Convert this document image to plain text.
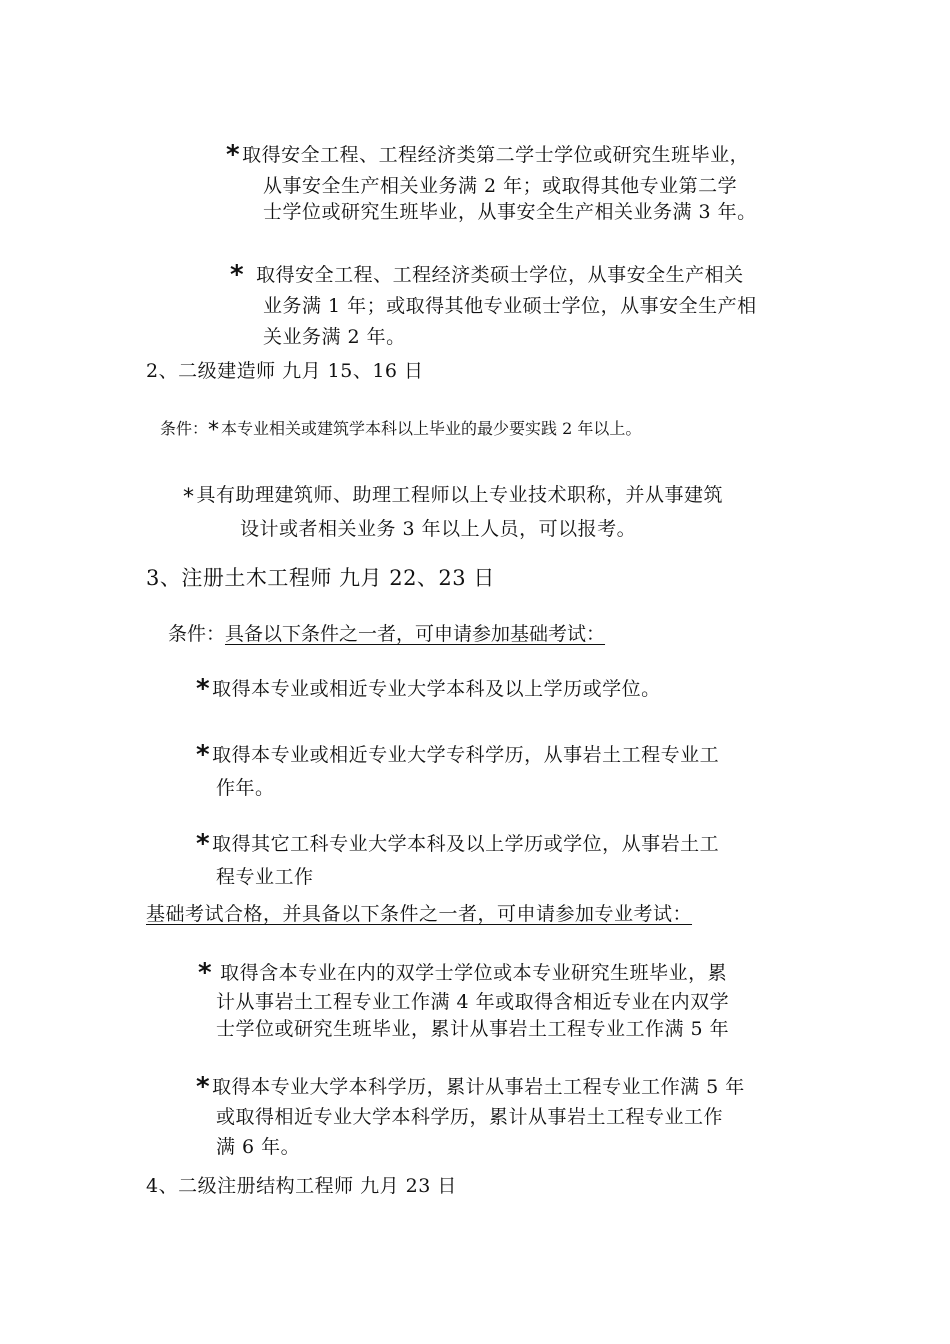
* 取得安全工程、工程经济类第二学士学位或研究生班毕业，
从事安全生产相关业务满 2 年；或取得其他专业第二学
士学位或研究生班毕业，从事安全生产相关业务满 3 年。
* 取得安全工程、工程经济类硕士学位，从事安全生产相关
业务满 1 年；或取得其他专业硕士学位，从事安全生产相
关业务满 2 年。
2、二级建造师 九月 15、16 日
条件：* 本专业相关或建筑学本科以上毕业的最少要实践 2 年以上。
* 具有助理建筑师、助理工程师以上专业技术职称，并从事建筑
设计或者相关业务 3 年以上人员，可以报考。
3、注册土木工程师 九月 22、23 日
条件：具备以下条件之一者，可申请参加基础考试：
* 取得本专业或相近专业大学本科及以上学历或学位。
* 取得本专业或相近专业大学专科学历，从事岩土工程专业工
作年。
* 取得其它工科专业大学本科及以上学历或学位，从事岩土工
程专业工作
基础考试合格，并具备以下条件之一者，可申请参加专业考试：
* 取得含本专业在内的双学士学位或本专业研究生班毕业，累
计从事岩土工程专业工作满 4 年或取得含相近专业在内双学
士学位或研究生班毕业，累计从事岩土工程专业工作满 5 年
* 取得本专业大学本科学历，累计从事岩土工程专业工作满 5 年
或取得相近专业大学本科学历，累计从事岩土工程专业工作
满 6 年。
4、二级注册结构工程师 九月 23 日
